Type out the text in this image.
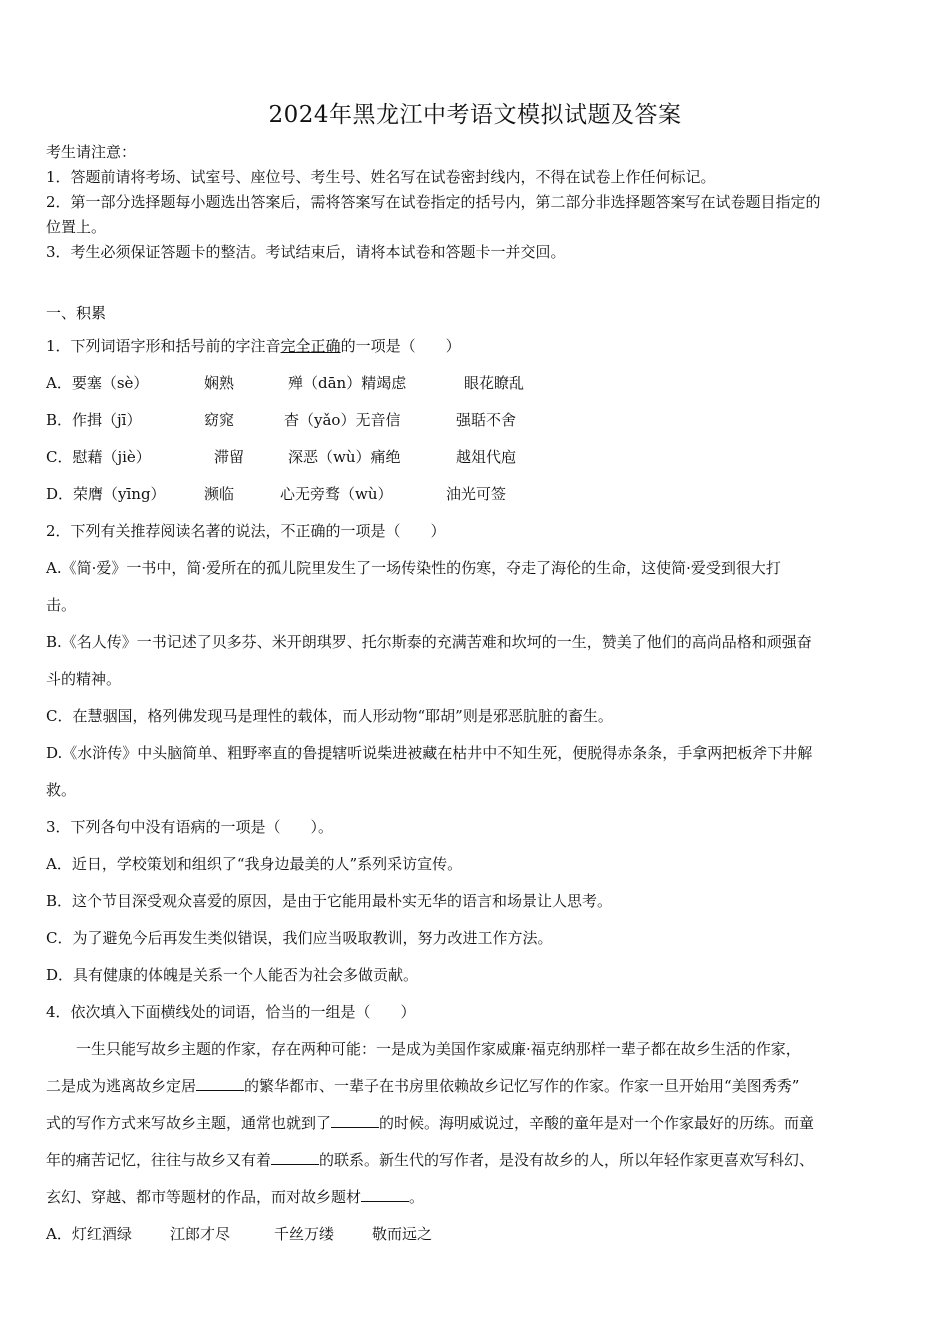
2024年黑龙江中考语文模拟试题及答案
考生请注意：
1．答题前请将考场、试室号、座位号、考生号、姓名写在试卷密封线内，不得在试卷上作任何标记。
2．第一部分选择题每小题选出答案后，需将答案写在试卷指定的括号内，第二部分非选择题答案写在试卷题目指定的
位置上。
3．考生必须保证答题卡的整洁。考试结束后，请将本试卷和答题卡一并交回。
一、积累
1．下列词语字形和括号前的字注音完全正确的一项是（　　）
A．要塞（sè）	娴熟	殚（dān）精竭虑	眼花瞭乱
B．作揖（jī）	窈窕	杳（yǎo）无音信	强聒不舍
C．慰藉（jiè）	滞留	深恶（wù）痛绝	越俎代庖
D．荣膺（yīng）	濒临	心无旁骛（wù）	油光可签
2．下列有关推荐阅读名著的说法，不正确的一项是（　　）
A.《简·爱》一书中，简·爱所在的孤儿院里发生了一场传染性的伤寒，夺走了海伦的生命，这使简·爱受到很大打
击。
B.《名人传》一书记述了贝多芬、米开朗琪罗、托尔斯泰的充满苦难和坎坷的一生，赞美了他们的高尚品格和顽强奋
斗的精神。
C．在慧骃国，格列佛发现马是理性的载体，而人形动物“耶胡”则是邪恶肮脏的畜生。
D.《水浒传》中头脑简单、粗野率直的鲁提辖听说柴进被藏在枯井中不知生死，便脱得赤条条，手拿两把板斧下井解
救。
3．下列各句中没有语病的一项是（　　）。
A．近日，学校策划和组织了“我身边最美的人”系列采访宣传。
B．这个节目深受观众喜爱的原因，是由于它能用最朴实无华的语言和场景让人思考。
C．为了避免今后再发生类似错误，我们应当吸取教训，努力改进工作方法。
D．具有健康的体魄是关系一个人能否为社会多做贡献。
4．依次填入下面横线处的词语，恰当的一组是（　　）
一生只能写故乡主题的作家，存在两种可能：一是成为美国作家威廉·福克纳那样一辈子都在故乡生活的作家，
二是成为逃离故乡定居	的繁华都市、一辈子在书房里依赖故乡记忆写作的作家。作家一旦开始用“美图秀秀”
式的写作方式来写故乡主题，通常也就到了	的时候。海明威说过，辛酸的童年是对一个作家最好的历练。而童
年的痛苦记忆，往往与故乡又有着	的联系。新生代的写作者，是没有故乡的人，所以年轻作家更喜欢写科幻、
玄幻、穿越、都市等题材的作品，而对故乡题材	。
A．灯红酒绿	江郎才尽	千丝万缕	敬而远之
